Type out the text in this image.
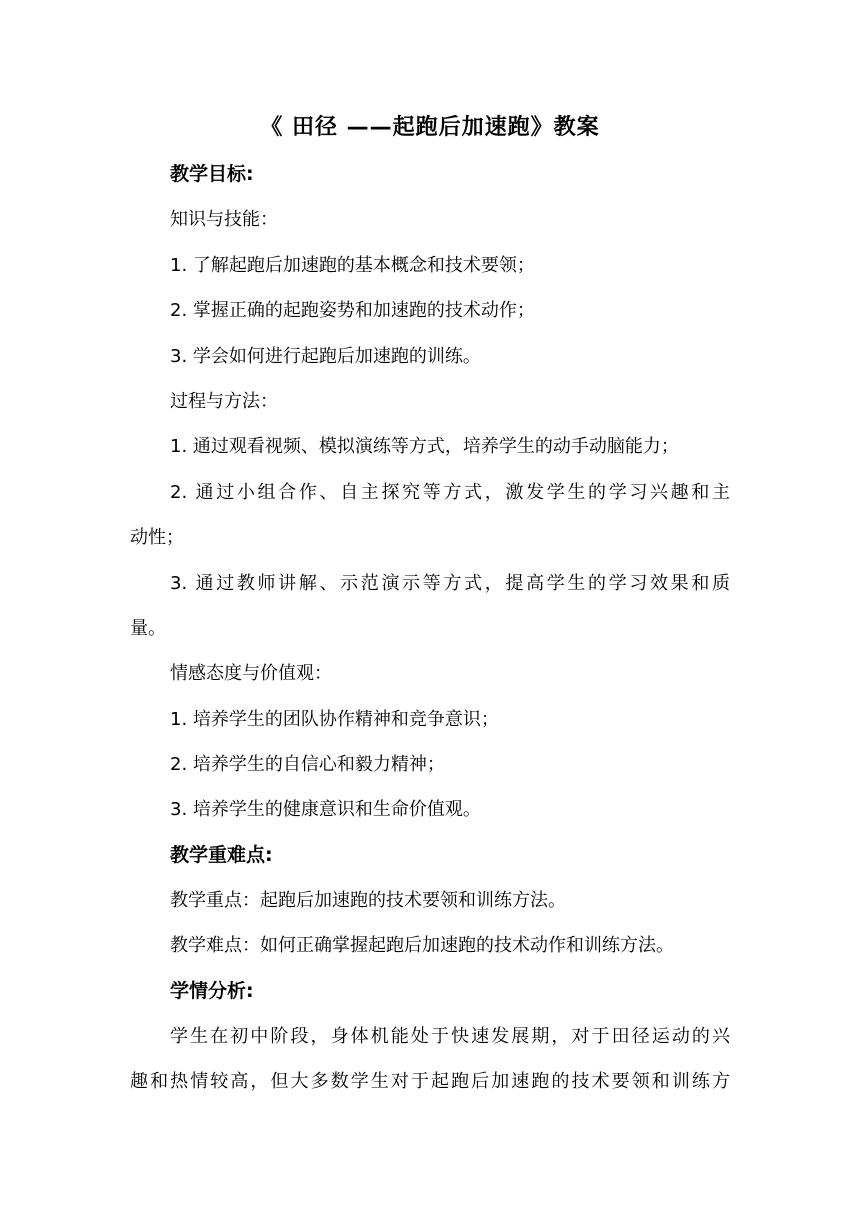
《 田径 ——起跑后加速跑》教案
教学目标:
知识与技能：
1. 了解起跑后加速跑的基本概念和技术要领；
2. 掌握正确的起跑姿势和加速跑的技术动作；
3. 学会如何进行起跑后加速跑的训练。
过程与方法：
1. 通过观看视频、模拟演练等方式，培养学生的动手动脑能力；
2. 通过小组合作、自主探究等方式，激发学生的学习兴趣和主
动性；
3. 通过教师讲解、示范演示等方式，提高学生的学习效果和质
量。
情感态度与价值观：
1. 培养学生的团队协作精神和竞争意识；
2. 培养学生的自信心和毅力精神；
3. 培养学生的健康意识和生命价值观。
教学重难点:
教学重点：起跑后加速跑的技术要领和训练方法。
教学难点：如何正确掌握起跑后加速跑的技术动作和训练方法。
学情分析:
学生在初中阶段，身体机能处于快速发展期，对于田径运动的兴
趣和热情较高，但大多数学生对于起跑后加速跑的技术要领和训练方
